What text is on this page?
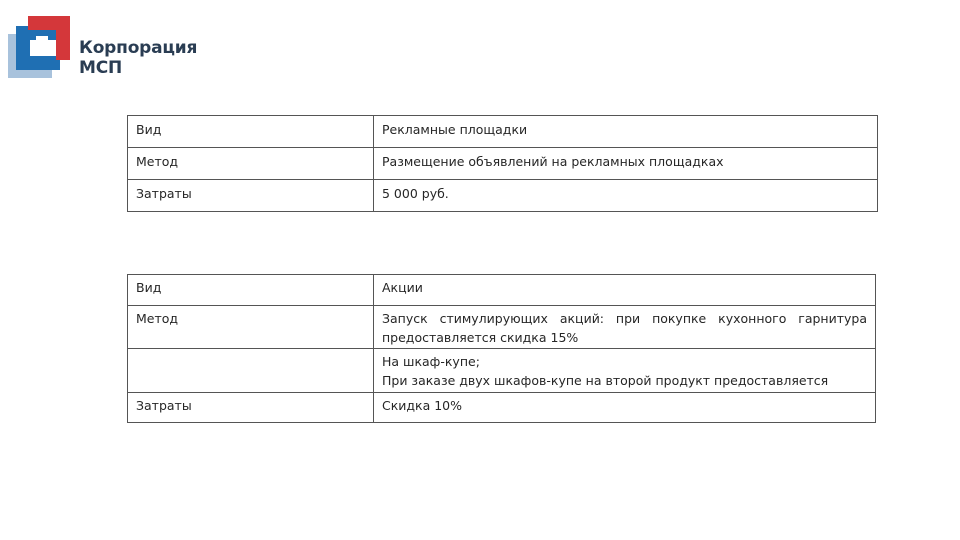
Корпорация
МСП
Вид	Рекламные площадки
Метод	Размещение объявлений на рекламных площадках
Затраты	5 000 руб.
Вид	Акции
Метод	Запуск стимулирующих акций: при покупке кухонного гарнитура предоставляется скидка 15%

	На шкаф-купе;
При заказе двух шкафов-купе на второй продукт предоставляется

Затраты	Скидка 10%
